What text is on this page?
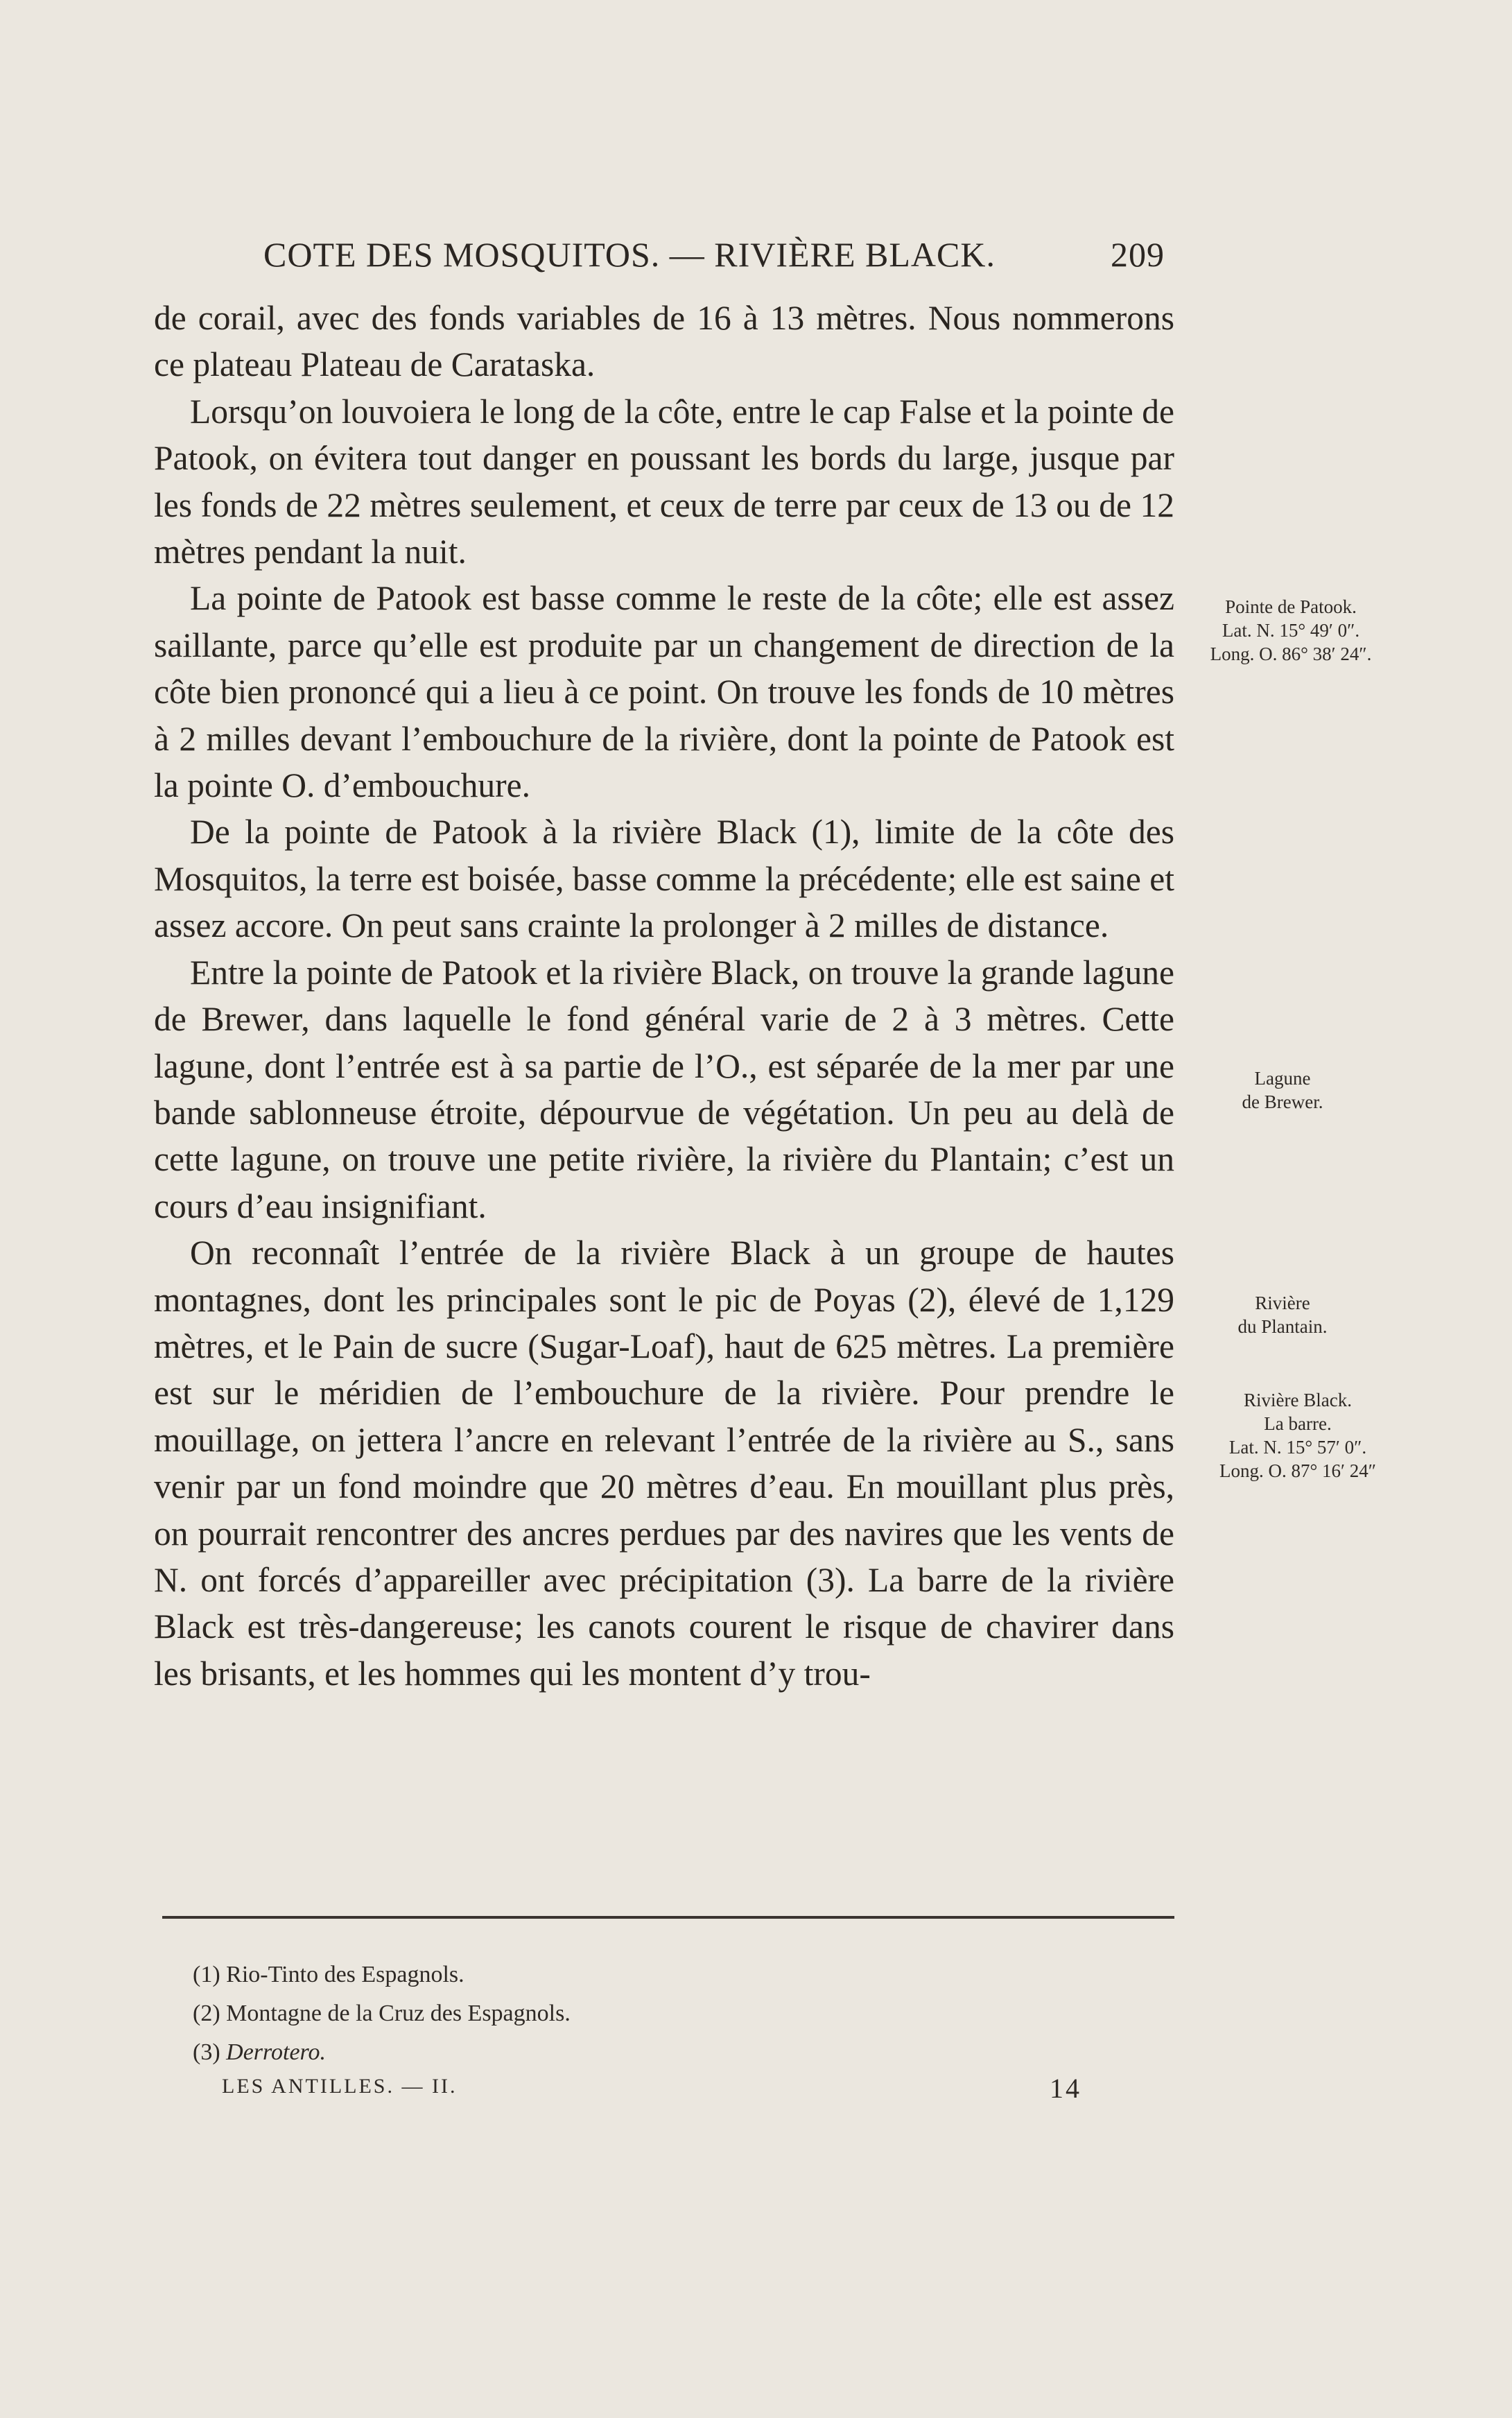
COTE DES MOSQUITOS. — RIVIÈRE BLACK.	209

de corail, avec des fonds variables de 16 à 13 mètres. Nous nommerons ce plateau Plateau de Carataska.

Lorsqu’on louvoiera le long de la côte, entre le cap False et la pointe de Patook, on évitera tout danger en poussant les bords du large, jusque par les fonds de 22 mètres seulement, et ceux de terre par ceux de 13 ou de 12 mètres pendant la nuit.

La pointe de Patook est basse comme le reste de la côte; elle est assez saillante, parce qu’elle est produite par un changement de direction de la côte bien prononcé qui a lieu à ce point. On trouve les fonds de 10 mètres à 2 milles devant l’embouchure de la rivière, dont la pointe de Patook est la pointe O. d’embouchure.

De la pointe de Patook à la rivière Black (1), limite de la côte des Mosquitos, la terre est boisée, basse comme la précédente; elle est saine et assez accore. On peut sans crainte la prolonger à 2 milles de distance.

Entre la pointe de Patook et la rivière Black, on trouve la grande lagune de Brewer, dans laquelle le fond général varie de 2 à 3 mètres. Cette lagune, dont l’entrée est à sa partie de l’O., est séparée de la mer par une bande sablonneuse étroite, dépourvue de végétation. Un peu au delà de cette lagune, on trouve une petite rivière, la rivière du Plantain; c’est un cours d’eau insignifiant.

On reconnaît l’entrée de la rivière Black à un groupe de hautes montagnes, dont les principales sont le pic de Poyas (2), élevé de 1,129 mètres, et le Pain de sucre (Sugar-Loaf), haut de 625 mètres. La première est sur le méridien de l’embouchure de la rivière. Pour prendre le mouillage, on jettera l’ancre en relevant l’entrée de la rivière au S., sans venir par un fond moindre que 20 mètres d’eau. En mouillant plus près, on pourrait rencontrer des ancres perdues par des navires que les vents de N. ont forcés d’appareiller avec précipitation (3). La barre de la rivière Black est très-dangereuse; les canots courent le risque de chavirer dans les brisants, et les hommes qui les montent d’y trou-

Pointe de Patook.
Lat. N. 15° 49′ 0″.
Long. O. 86° 38′ 24″.
Lagune
de Brewer.
Rivière
du Plantain.
Rivière Black.
La barre.
Lat. N. 15° 57′ 0″.
Long. O. 87° 16′ 24″
(1) Rio-Tinto des Espagnols.
(2) Montagne de la Cruz des Espagnols.
(3) Derrotero.
LES ANTILLES. — II.	14
